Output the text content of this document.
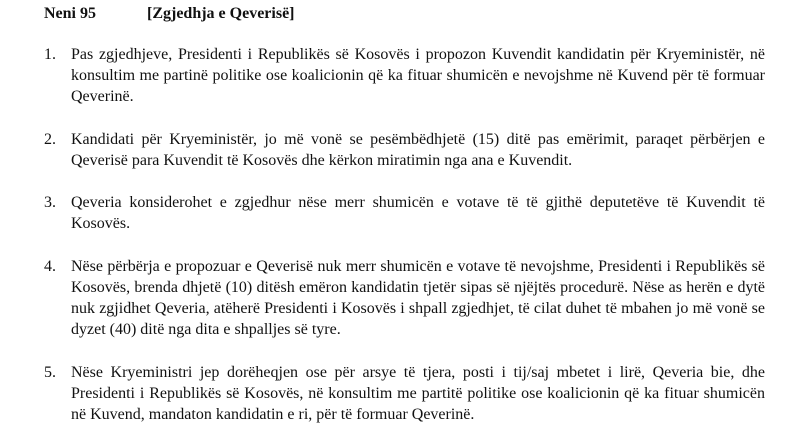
Neni 95	[Zgjedhja e Qeverisë]
1. Pas zgjedhjeve, Presidenti i Republikës së Kosovës i propozon Kuvendit kandidatin për Kryeministër, në konsultim me partinë politike ose koalicionin që ka fituar shumicën e nevojshme në Kuvend për të formuar Qeverinë.
2. Kandidati për Kryeministër, jo më vonë se pesëmbëdhjetë (15) ditë pas emërimit, paraqet përbërjen e Qeverisë para Kuvendit të Kosovës dhe kërkon miratimin nga ana e Kuvendit.
3. Qeveria konsiderohet e zgjedhur nëse merr shumicën e votave të të gjithë deputetëve të Kuvendit të Kosovës.
4. Nëse përbërja e propozuar e Qeverisë nuk merr shumicën e votave të nevojshme, Presidenti i Republikës së Kosovës, brenda dhjetë (10) ditësh emëron kandidatin tjetër sipas së njëjtës procedurë. Nëse as herën e dytë nuk zgjidhet Qeveria, atëherë Presidenti i Kosovës i shpall zgjedhjet, të cilat duhet të mbahen jo më vonë se dyzet (40) ditë nga dita e shpalljes së tyre.
5. Nëse Kryeministri jep dorëheqjen ose për arsye të tjera, posti i tij/saj mbetet i lirë, Qeveria bie, dhe Presidenti i Republikës së Kosovës, në konsultim me partitë politike ose koalicionin që ka fituar shumicën në Kuvend, mandaton kandidatin e ri, për të formuar Qeverinë.
